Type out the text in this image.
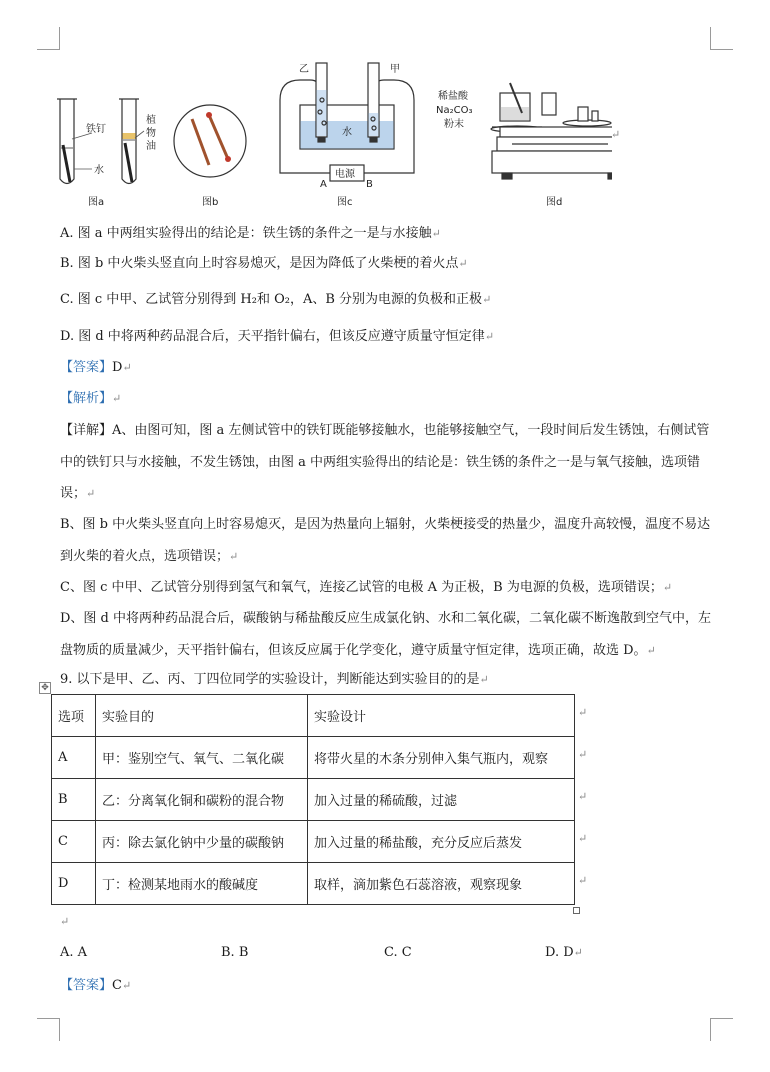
铁钉
植
物
油
水
图a	图b
乙	甲
水
电源
A	B
图c
稀盐酸
Na₂CO₃
粉末
图d
↵
A. 图 a 中两组实验得出的结论是：铁生锈的条件之一是与水接触↵
B. 图 b 中火柴头竖直向上时容易熄灭，是因为降低了火柴梗的着火点↵
C. 图 c 中甲、乙试管分别得到 H₂和 O₂，A、B 分别为电源的负极和正极↵
D. 图 d 中将两种药品混合后，天平指针偏右，但该反应遵守质量守恒定律↵
【答案】D↵
【解析】↵
【详解】A、由图可知，图 a 左侧试管中的铁钉既能够接触水，也能够接触空气，一段时间后发生锈蚀，右侧试管中的铁钉只与水接触，不发生锈蚀，由图 a 中两组实验得出的结论是：铁生锈的条件之一是与氧气接触，选项错误；↵
B、图 b 中火柴头竖直向上时容易熄灭，是因为热量向上辐射，火柴梗接受的热量少，温度升高较慢，温度不易达到火柴的着火点，选项错误；↵
C、图 c 中甲、乙试管分别得到氢气和氧气，连接乙试管的电极 A 为正极，B 为电源的负极，选项错误；↵
D、图 d 中将两种药品混合后，碳酸钠与稀盐酸反应生成氯化钠、水和二氧化碳，二氧化碳不断逸散到空气中，左盘物质的质量减少，天平指针偏右，但该反应属于化学变化，遵守质量守恒定律，选项正确，故选 D。↵
✥
9. 以下是甲、乙、丙、丁四位同学的实验设计，判断能达到实验目的的是↵
选项	实验目的	实验设计
A	甲：鉴别空气、氧气、二氧化碳	将带火星的木条分别伸入集气瓶内，观察
B	乙：分离氧化铜和碳粉的混合物	加入过量的稀硫酸，过滤
C	丙：除去氯化钠中少量的碳酸钠	加入过量的稀盐酸，充分反应后蒸发
D	丁：检测某地雨水的酸碱度	取样，滴加紫色石蕊溶液，观察现象
↵
↵
↵
↵
↵
↵
A. A	B. B	C. C	D. D↵
【答案】C↵
